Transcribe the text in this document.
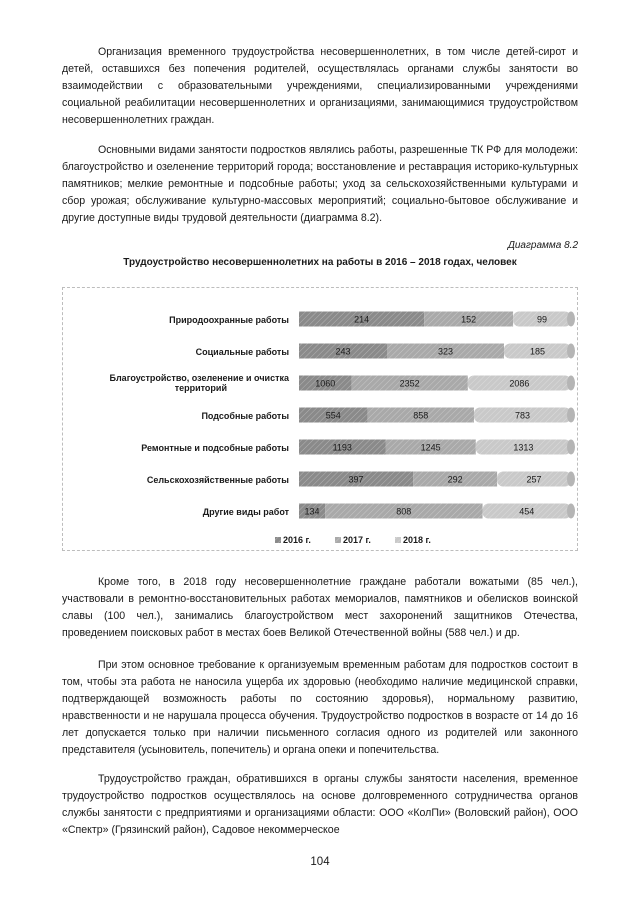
Организация временного трудоустройства несовершеннолетних, в том числе детей-сирот и детей, оставшихся без попечения родителей, осуществлялась органами службы занятости во взаимодействии с образовательными учреждениями, специализированными учреждениями социальной реабилитации несовершеннолетних и организациями, занимающимися трудоустройством несовершеннолетних граждан.

Основными видами занятости подростков являлись работы, разрешенные ТК РФ для молодежи: благоустройство и озеленение территорий города; восстановление и реставрация историко-культурных памятников; мелкие ремонтные и подсобные работы; уход за сельскохозяйственными культурами и сбор урожая; обслуживание культурно-массовых мероприятий; социально-бытовое обслуживание и другие доступные виды трудовой деятельности (диаграмма 8.2).

Диаграмма 8.2
Трудоустройство несовершеннолетних на работы в 2016 – 2018 годах, человек
Природоохранные работы	214	152	99
Социальные работы	243	323	185
Благоустройство, озеленение и очистка территорий	1060	2352	2086
Подсобные работы	554	858	783
Ремонтные и подсобные работы	1193	1245	1313
Сельскохозяйственные работы	397	292	257
Другие виды работ 134	808	454
2016 г.	2017 г.	2018 г.

Кроме того, в 2018 году несовершеннолетние граждане работали вожатыми (85 чел.), участвовали в ремонтно-восстановительных работах мемориалов, памятников и обелисков воинской славы (100 чел.), занимались благоустройством мест захоронений защитников Отечества, проведением поисковых работ в местах боев Великой Отечественной войны (588 чел.) и др.

При этом основное требование к организуемым временным работам для подростков состоит в том, чтобы эта работа не наносила ущерба их здоровью (необходимо наличие медицинской справки, подтверждающей возможность работы по состоянию здоровья), нормальному развитию, нравственности и не нарушала процесса обучения. Трудоустройство подростков в возрасте от 14 до 16 лет допускается только при наличии письменного согласия одного из родителей или законного представителя (усыновитель, попечитель) и органа опеки и попечительства.

Трудоустройство граждан, обратившихся в органы службы занятости населения, временное трудоустройство подростков осуществлялось на основе долговременного сотрудничества органов службы занятости с предприятиями и организациями области: ООО «КолПи» (Воловский район), ООО «Спектр» (Грязинский район), Садовое некоммерческое

104
